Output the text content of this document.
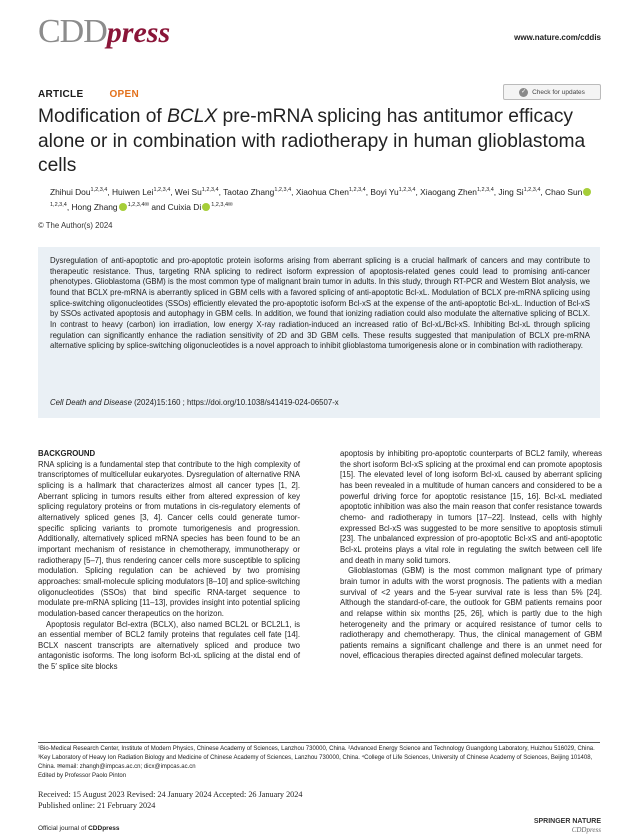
CDDpress	www.nature.com/cddis
ARTICLE	OPEN	✓ Check for updates
Modification of BCLX pre-mRNA splicing has antitumor efficacy alone or in combination with radiotherapy in human glioblastoma cells
Zhihui Dou$^{1,2,3,4}$, Huiwen Lei$^{1,2,3,4}$, Wei Su$^{1,2,3,4}$, Taotao Zhang$^{1,2,3,4}$, Xiaohua Chen$^{1,2,3,4}$, Boyi Yu$^{1,2,3,4}$, Xiaogang Zhen$^{1,2,3,4}$, Jing Si$^{1,2,3,4}$, Chao Sun$^{1,2,3,4}$, Hong Zhang $^{1,2,3,4✉}$ and Cuixia Di $^{1,2,3,4✉}$
© The Author(s) 2024
Dysregulation of anti-apoptotic and pro-apoptotic protein isoforms arising from aberrant splicing is a crucial hallmark of cancers and may contribute to therapeutic resistance. Thus, targeting RNA splicing to redirect isoform expression of apoptosis-related genes could lead to promising anti-cancer phenotypes. Glioblastoma (GBM) is the most common type of malignant brain tumor in adults. In this study, through RT-PCR and Western Blot analysis, we found that BCLX pre-mRNA is aberrantly spliced in GBM cells with a favored splicing of anti-apoptotic Bcl-xL. Modulation of BCLX pre-mRNA splicing using splice-switching oligonucleotides (SSOs) efficiently elevated the pro-apoptotic isoform Bcl-xS at the expense of the anti-apoptotic Bcl-xL. Induction of Bcl-xS by SSOs activated apoptosis and autophagy in GBM cells. In addition, we found that ionizing radiation could also modulate the alternative splicing of BCLX. In contrast to heavy (carbon) ion irradiation, low energy X-ray radiation-induced an increased ratio of Bcl-xL/Bcl-xS. Inhibiting Bcl-xL through splicing regulation can significantly enhance the radiation sensitivity of 2D and 3D GBM cells. These results suggested that manipulation of BCLX pre-mRNA alternative splicing by splice-switching oligonucleotides is a novel approach to inhibit glioblastoma tumorigenesis alone or in combination with radiotherapy.
Cell Death and Disease (2024)15:160 ; https://doi.org/10.1038/s41419-024-06507-x

BACKGROUND

RNA splicing is a fundamental step that contribute to the high complexity of transcriptomes of multicellular eukaryotes. Dysregulation of alternative RNA splicing is a hallmark that characterizes almost all cancer types [1, 2]. Aberrant splicing in tumors results either from altered expression of key splicing regulatory proteins or from mutations in cis-regulatory elements of alternatively spliced genes [3, 4]. Cancer cells could generate tumor-specific splicing variants to promote tumorigenesis and progression. Additionally, alternatively spliced mRNA species has been found to be an important mechanism of resistance in chemotherapy, immunotherapy or radiotherapy [5–7], thus rendering cancer cells more susceptible to splicing modulation. Splicing regulation can be achieved by two promising approaches: small-molecule splicing modulators [8–10] and splice-switching oligonucleotides (SSOs) that bind specific RNA-target sequence to modulate pre-mRNA splicing [11–13], provides insight into potential splicing modulation-based cancer therapeutics on the horizon.

Apoptosis regulator Bcl-extra (BCLX), also named BCL2L or BCL2L1, is an essential member of BCL2 family proteins that regulates cell fate [14]. BCLX nascent transcripts are alternatively spliced and produce two antagonistic isoforms. The long isoform Bcl-xL splicing at the distal end of the 5′ splice site blocks

apoptosis by inhibiting pro-apoptotic counterparts of BCL2 family, whereas the short isoform Bcl-xS splicing at the proximal end can promote apoptosis [15]. The elevated level of long isoform Bcl-xL caused by aberrant splicing has been revealed in a multitude of human cancers and considered to be a powerful driving force for apoptotic resistance [15, 16]. Bcl-xL mediated apoptotic inhibition was also the main reason that confer resistance towards chemo- and radiotherapy in tumors [17–22]. Instead, cells with highly expressed Bcl-xS was suggested to be more sensitive to apoptosis stimuli [23]. The unbalanced expression of pro-apoptotic Bcl-xS and anti-apoptotic Bcl-xL proteins plays a vital role in regulating the switch between cell life and death in many solid tumors.

Glioblastomas (GBM) is the most common malignant type of primary brain tumor in adults with the worst prognosis. The patients with a median survival of <2 years and the 5-year survival rate is less than 5% [24]. Although the standard-of-care, the outlook for GBM patients remains poor and relapse within six months [25, 26], which is partly due to the high heterogeneity and the primary or acquired resistance of tumor cells to radiotherapy and chemotherapy. Thus, the clinical management of GBM patients remains a significant challenge and there is an unmet need for novel, efficacious therapies directed against defined molecular targets.

¹Bio-Medical Research Center, Institute of Modern Physics, Chinese Academy of Sciences, Lanzhou 730000, China. ²Advanced Energy Science and Technology Guangdong Laboratory, Huizhou 516029, China. ³Key Laboratory of Heavy Ion Radiation Biology and Medicine of Chinese Academy of Sciences, Lanzhou 730000, China. ⁴College of Life Sciences, University of Chinese Academy of Sciences, Beijing 101408, China. ✉email: zhangh@impcas.ac.cn; dicx@impcas.ac.cn
Edited by Professor Paolo Pinton
Received: 15 August 2023 Revised: 24 January 2024 Accepted: 26 January 2024
Published online: 21 February 2024
Official journal of CDDpress
SPRINGER NATURE
CDDpress
